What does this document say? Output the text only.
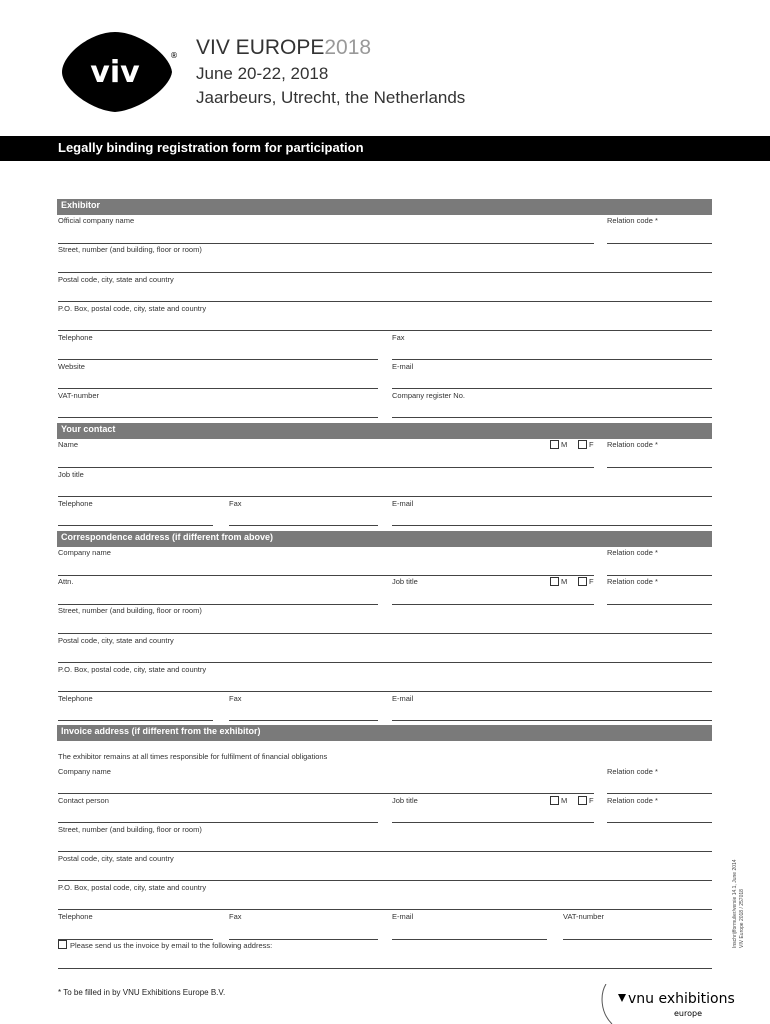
viv	® VIV EUROPE2018
June 20-22, 2018
Jaarbeurs, Utrecht, the Netherlands
Legally binding registration form for participation
Exhibitor
Official company name	Relation code *
Street, number (and building, floor or room)
Postal code, city, state and country
P.O. Box, postal code, city, state and country
Telephone	Fax
Website	E-mail
VAT-number	Company register No.
Your contact
Name	M	F Relation code *
Job title
Telephone	Fax	E-mail
Correspondence address (if different from above)
Company name	Relation code *
Attn.	Job title	M	F Relation code *
Street, number (and building, floor or room)
Postal code, city, state and country
P.O. Box, postal code, city, state and country
Telephone	Fax	E-mail
Invoice address (if different from the exhibitor)
The exhibitor remains at all times responsible for fulfilment of financial obligations
Company name	Relation code *
Contact person	Job title	M	F Relation code *
Street, number (and building, floor or room)
Postal code, city, state and country
P.O. Box, postal code, city, state and country
Telephone	Fax	E-mail	VAT-number
Please send us the invoice by email to the following address:	Inschrijfformulier/versie 14.1, June 2014 VIV Europe 2018 / 257018
* To be filled in by VNU Exhibitions Europe B.V.	vnu exhibitions
europe
